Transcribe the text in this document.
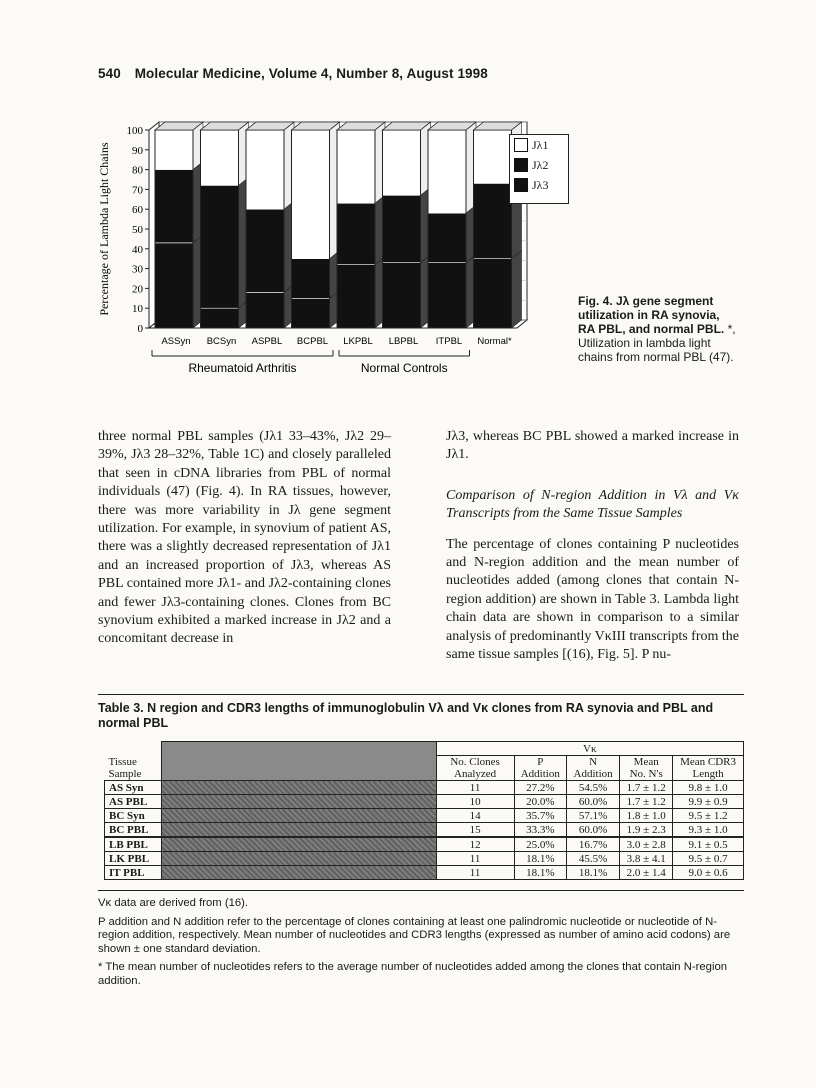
540 Molecular Medicine, Volume 4, Number 8, August 1998
0
10
20
30
40
50
60
70
80
90
100
Percentage of Lambda Light Chains
ASSyn BCSyn ASPBL BCPBL LKPBL LBPBL ITPBL Normal*
Rheumatoid Arthritis	Normal Controls
Jλ1
Jλ2
Jλ3
Fig. 4. Jλ gene segment utilization in RA synovia, RA PBL, and normal PBL. *, Utilization in lambda light chains from normal PBL (47).

three normal PBL samples (Jλ1 33–43%, Jλ2 29–39%, Jλ3 28–32%, Table 1C) and closely paralleled that seen in cDNA libraries from PBL of normal individuals (47) (Fig. 4). In RA tissues, however, there was more variability in Jλ gene segment utilization. For example, in synovium of patient AS, there was a slightly decreased representation of Jλ1 and an increased proportion of Jλ3, whereas AS PBL contained more Jλ1- and Jλ2-containing clones and fewer Jλ3-containing clones. Clones from BC synovium exhibited a marked increase in Jλ2 and a concomitant decrease in

Jλ3, whereas BC PBL showed a marked increase in Jλ1.

Comparison of N-region Addition in Vλ and Vκ Transcripts from the Same Tissue Samples

The percentage of clones containing P nucleotides and N-region addition and the mean number of nucleotides added (among clones that contain N-region addition) are shown in Table 3. Lambda light chain data are shown in comparison to a similar analysis of predominantly VκIII transcripts from the same tissue samples [(16), Fig. 5]. P nu-

Table 3. N region and CDR3 lengths of immunoglobulin Vλ and Vκ clones from RA synovia and PBL and normal PBL
		Vκ				
Tissue Sample		No. Clones Analyzed	P Addition	N Addition	Mean No. N's	Mean CDR3 Length
AS Syn		11	27.2%	54.5%	1.7 ± 1.2	9.8 ± 1.0
AS PBL		10	20.0%	60.0%	1.7 ± 1.2	9.9 ± 0.9
BC Syn		14	35.7%	57.1%	1.8 ± 1.0	9.5 ± 1.2
BC PBL		15	33.3%	60.0%	1.9 ± 2.3	9.3 ± 1.0
LB PBL		12	25.0%	16.7%	3.0 ± 2.8	9.1 ± 0.5
LK PBL		11	18.1%	45.5%	3.8 ± 4.1	9.5 ± 0.7
IT PBL		11	18.1%	18.1%	2.0 ± 1.4	9.0 ± 0.6

Vκ data are derived from (16).

P addition and N addition refer to the percentage of clones containing at least one palindromic nucleotide or nucleotide of N-region addition, respectively. Mean number of nucleotides and CDR3 lengths (expressed as number of amino acid codons) are shown ± one standard deviation.

* The mean number of nucleotides refers to the average number of nucleotides added among the clones that contain N-region addition.
